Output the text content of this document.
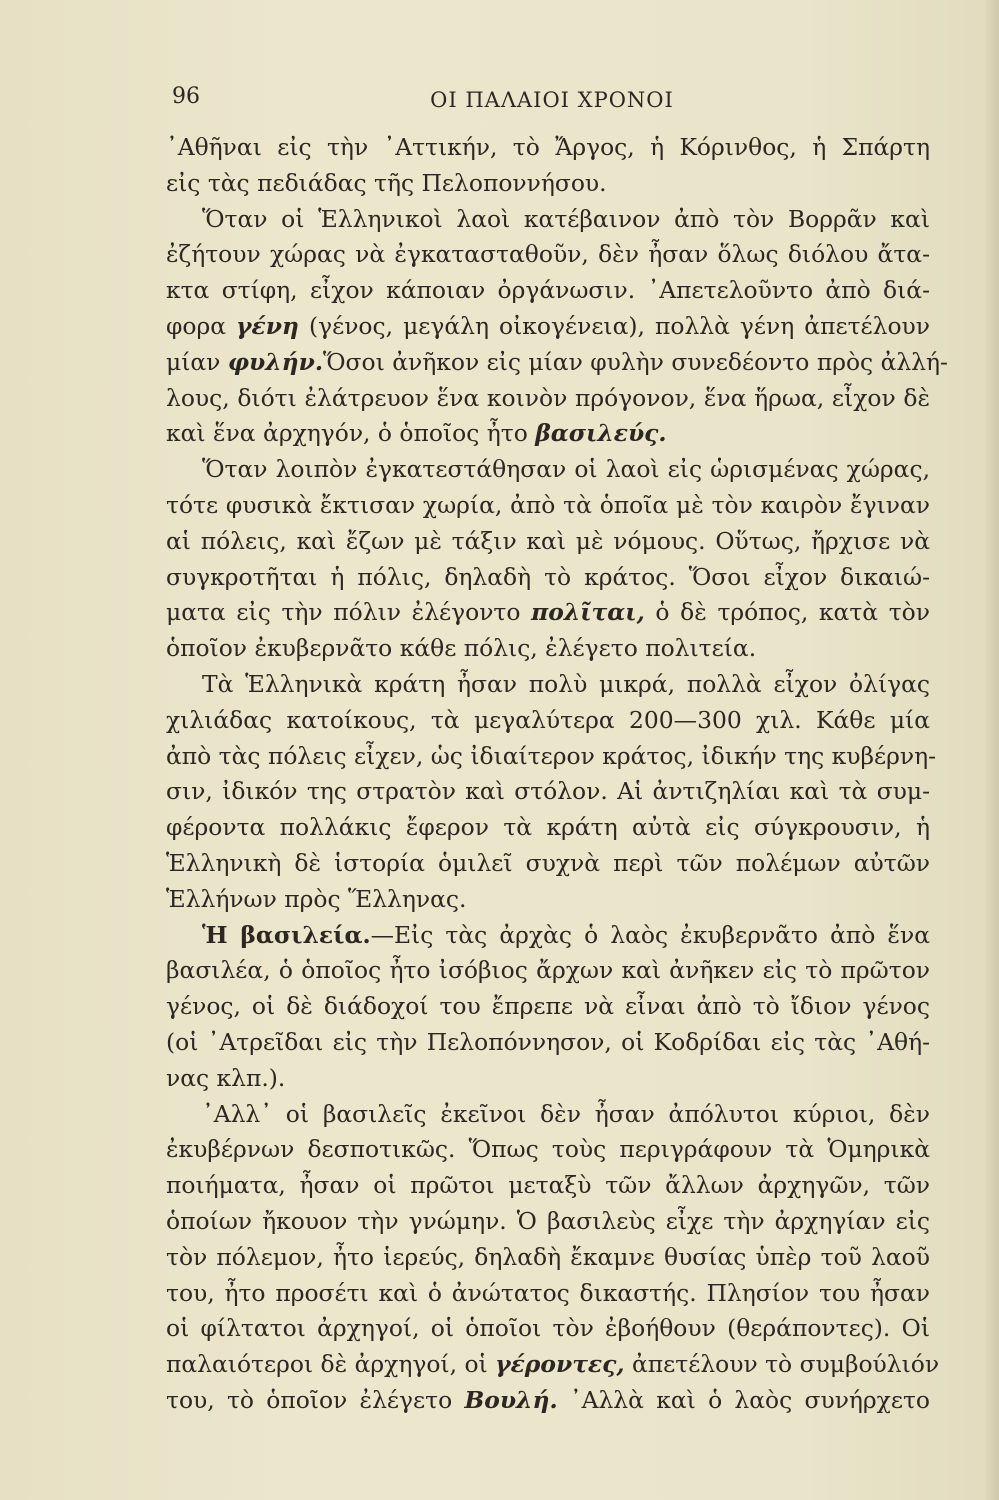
96	ΟΙ ΠΑΛΑΙΟΙ ΧΡΟΝΟΙ
᾿Αθῆναι εἰς τὴν ᾿Αττικήν, τὸ Ἄργος, ἡ Κόρινθος, ἡ Σπάρτη
εἰς τὰς πεδιάδας τῆς Πελοποννήσου.
Ὅταν οἱ Ἑλληνικοὶ λαοὶ κατέβαινον ἀπὸ τὸν Βορρᾶν καὶ
ἐζήτουν χώρας νὰ ἐγκατασταθοῦν, δὲν ἦσαν ὅλως διόλου ἄτα-
κτα στίφη, εἶχον κάποιαν ὀργάνωσιν. ᾿Απετελοῦντο ἀπὸ διά-
φορα γένη (γένος, μεγάλη οἰκογένεια), πολλὰ γένη ἀπετέλουν
μίαν φυλήν.Ὅσοι ἀνῆκον εἰς μίαν φυλὴν συνεδέοντο πρὸς ἀλλή-
λους, διότι ἐλάτρευον ἕνα κοινὸν πρόγονον, ἕνα ἥρωα, εἶχον δὲ
καὶ ἕνα ἀρχηγόν, ὁ ὁποῖος ἦτο βασιλεύς.
Ὅταν λοιπὸν ἐγκατεστάθησαν οἱ λαοὶ εἰς ὡρισμένας χώρας,
τότε φυσικὰ ἔκτισαν χωρία, ἀπὸ τὰ ὁποῖα μὲ τὸν καιρὸν ἔγιναν
αἱ πόλεις, καὶ ἔζων μὲ τάξιν καὶ μὲ νόμους. Οὕτως, ἤρχισε νὰ
συγκροτῆται ἡ πόλις, δηλαδὴ τὸ κράτος. Ὅσοι εἶχον δικαιώ-
ματα εἰς τὴν πόλιν ἐλέγοντο πολῖται, ὁ δὲ τρόπος, κατὰ τὸν
ὁποῖον ἐκυβερνᾶτο κάθε πόλις, ἐλέγετο πολιτεία.
Τὰ Ἑλληνικὰ κράτη ἦσαν πολὺ μικρά, πολλὰ εἶχον ὀλίγας
χιλιάδας κατοίκους, τὰ μεγαλύτερα 200—300 χιλ. Κάθε μία
ἀπὸ τὰς πόλεις εἶχεν, ὡς ἰδιαίτερον κράτος, ἰδικήν της κυβέρνη-
σιν, ἰδικόν της στρατὸν καὶ στόλον. Αἱ ἀντιζηλίαι καὶ τὰ συμ-
φέροντα πολλάκις ἔφερον τὰ κράτη αὐτὰ εἰς σύγκρουσιν, ἡ
Ἑλληνικὴ δὲ ἱστορία ὁμιλεῖ συχνὰ περὶ τῶν πολέμων αὐτῶν
Ἑλλήνων πρὸς Ἕλληνας.
Ἡ βασιλεία.—Εἰς τὰς ἀρχὰς ὁ λαὸς ἐκυβερνᾶτο ἀπὸ ἕνα
βασιλέα, ὁ ὁποῖος ἦτο ἰσόβιος ἄρχων καὶ ἀνῆκεν εἰς τὸ πρῶτον
γένος, οἱ δὲ διάδοχοί του ἔπρεπε νὰ εἶναι ἀπὸ τὸ ἴδιον γένος
(οἱ ᾿Ατρεῖδαι εἰς τὴν Πελοπόννησον, οἱ Κοδρίδαι εἰς τὰς ᾿Αθή-
νας κλπ.).
᾿Αλλ᾿ οἱ βασιλεῖς ἐκεῖνοι δὲν ἦσαν ἀπόλυτοι κύριοι, δὲν
ἐκυβέρνων δεσποτικῶς. Ὅπως τοὺς περιγράφουν τὰ Ὁμηρικὰ
ποιήματα, ἦσαν οἱ πρῶτοι μεταξὺ τῶν ἄλλων ἀρχηγῶν, τῶν
ὁποίων ἤκουον τὴν γνώμην. Ὁ βασιλεὺς εἶχε τὴν ἀρχηγίαν εἰς
τὸν πόλεμον, ἦτο ἱερεύς, δηλαδὴ ἔκαμνε θυσίας ὑπὲρ τοῦ λαοῦ
του, ἦτο προσέτι καὶ ὁ ἀνώτατος δικαστής. Πλησίον του ἦσαν
οἱ φίλτατοι ἀρχηγοί, οἱ ὁποῖοι τὸν ἐβοήθουν (θεράποντες). Οἱ
παλαιότεροι δὲ ἀρχηγοί, οἱ γέροντες, ἀπετέλουν τὸ συμβούλιόν
του, τὸ ὁποῖον ἐλέγετο Βουλή. ᾿Αλλὰ καὶ ὁ λαὸς συνήρχετο
